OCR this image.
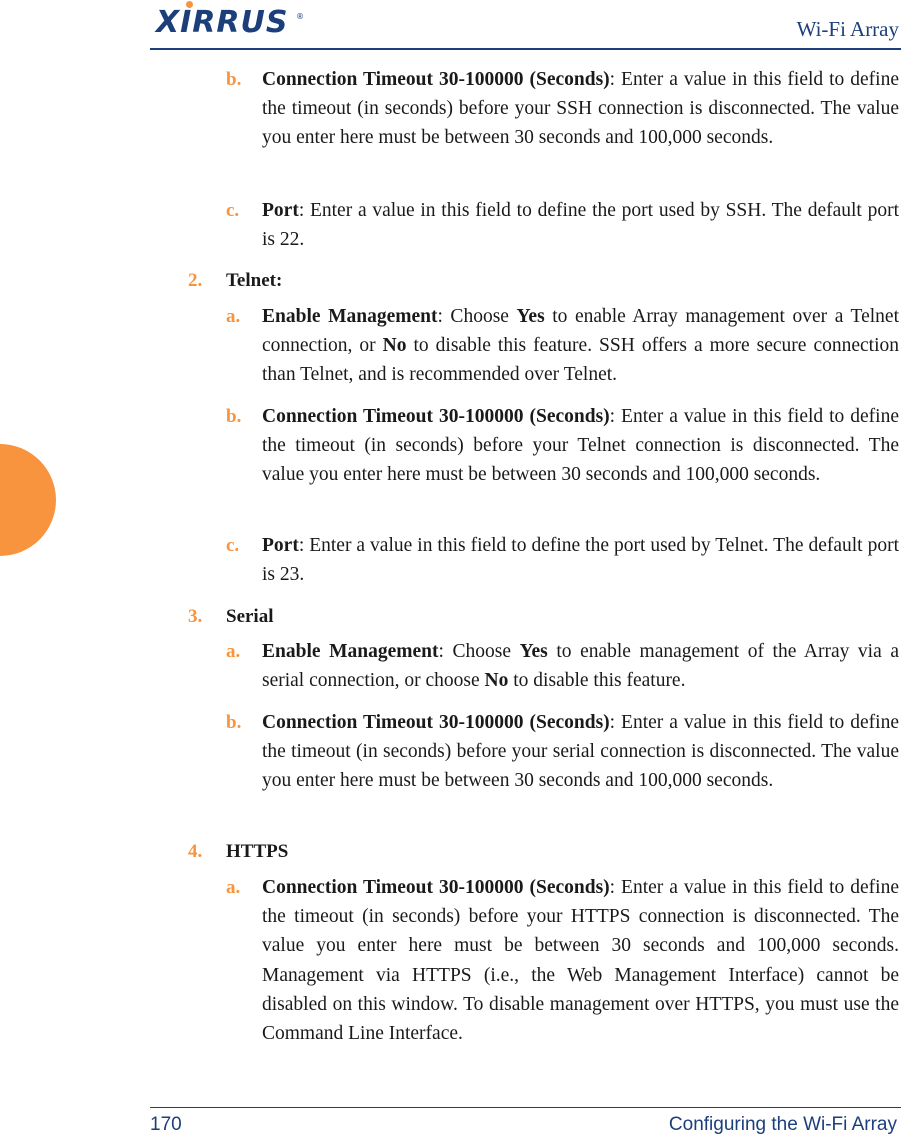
XIRRUS ®
Wi-Fi Array
b.	Connection Timeout 30-100000 (Seconds): Enter a value in this field to define the timeout (in seconds) before your SSH connection is disconnected. The value you enter here must be between 30 seconds and 100,000 seconds.
c.	Port: Enter a value in this field to define the port used by SSH. The default port is 22.
2.	Telnet:
a.	Enable Management: Choose Yes to enable Array management over a Telnet connection, or No to disable this feature. SSH offers a more secure connection than Telnet, and is recommended over Telnet.
b.	Connection Timeout 30-100000 (Seconds): Enter a value in this field to define the timeout (in seconds) before your Telnet connection is disconnected. The value you enter here must be between 30 seconds and 100,000 seconds.
c.	Port: Enter a value in this field to define the port used by Telnet. The default port is 23.
3.	Serial
a.	Enable Management: Choose Yes to enable management of the Array via a serial connection, or choose No to disable this feature.
b.	Connection Timeout 30-100000 (Seconds): Enter a value in this field to define the timeout (in seconds) before your serial connection is disconnected. The value you enter here must be between 30 seconds and 100,000 seconds.
4.	HTTPS
a.	Connection Timeout 30-100000 (Seconds): Enter a value in this field to define the timeout (in seconds) before your HTTPS connection is disconnected. The value you enter here must be between 30 seconds and 100,000 seconds. Management via HTTPS (i.e., the Web Management Interface) cannot be disabled on this window. To disable management over HTTPS, you must use the Command Line Interface.
170	Configuring the Wi-Fi Array
